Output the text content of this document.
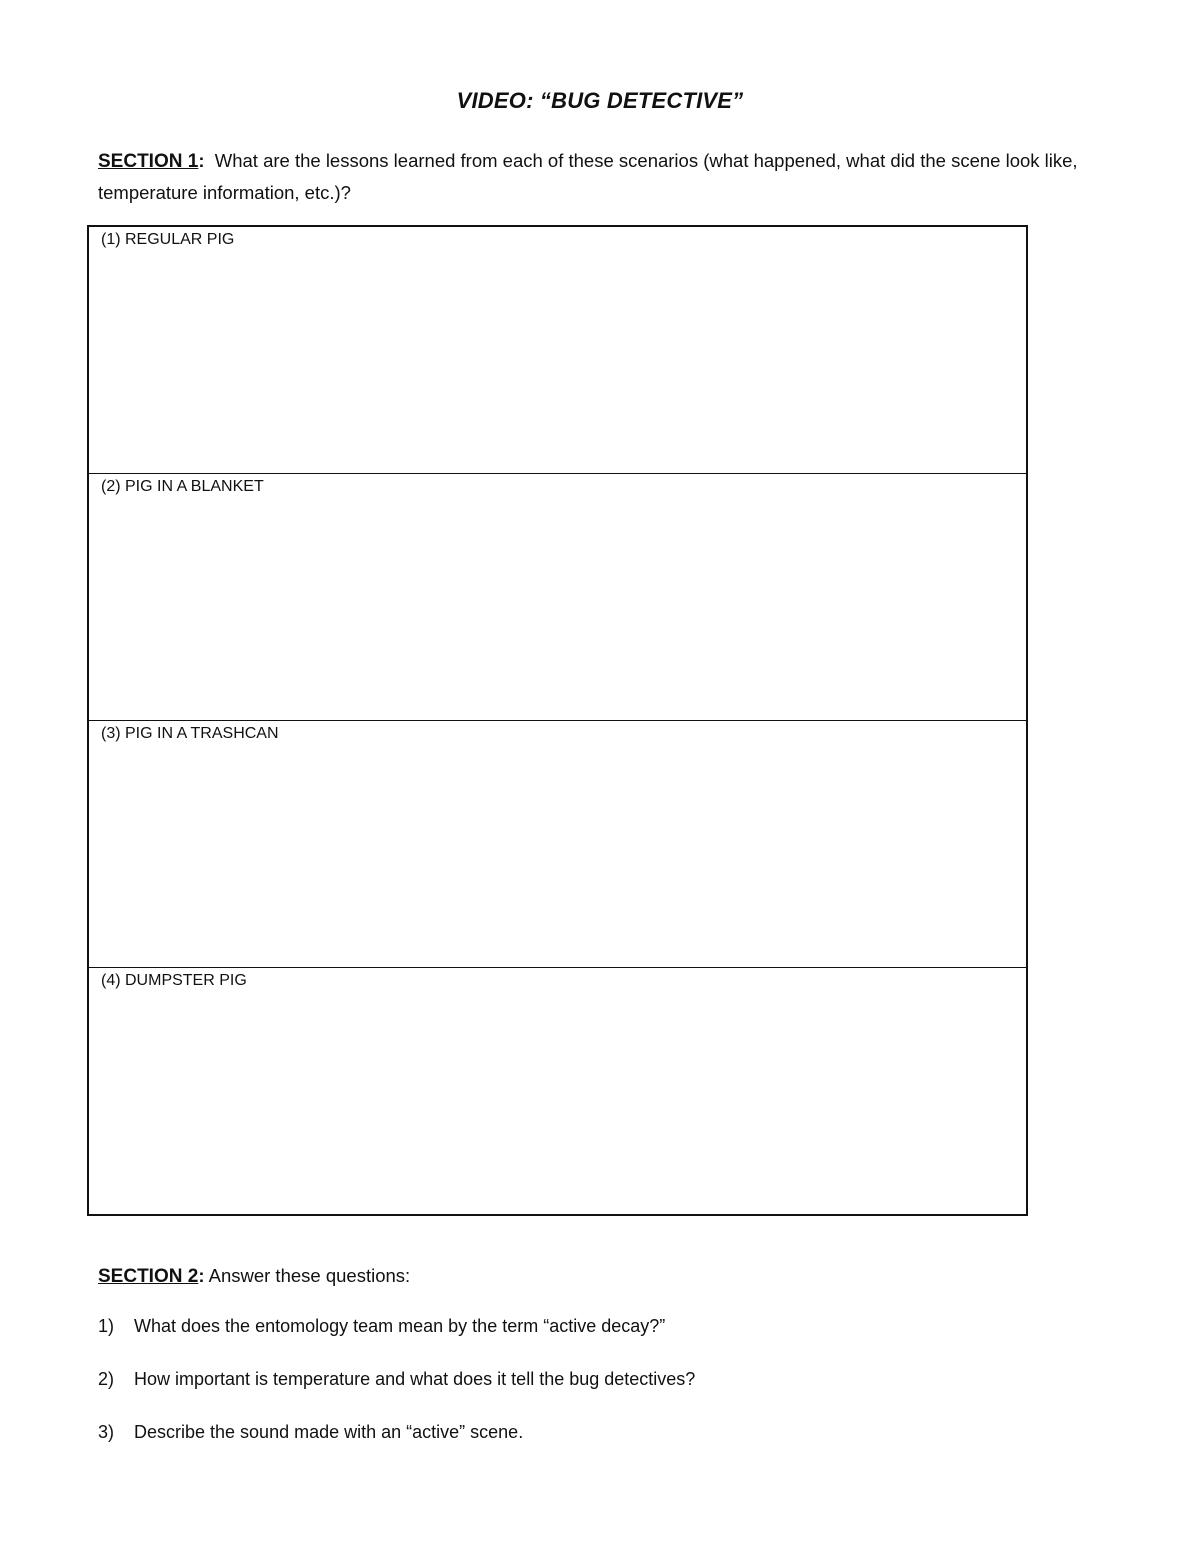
VIDEO: “BUG DETECTIVE”
SECTION 1:  What are the lessons learned from each of these scenarios (what happened, what did the scene look like, temperature information, etc.)?
(1) REGULAR PIG
(2) PIG IN A BLANKET
(3) PIG IN A TRASHCAN
(4) DUMPSTER PIG
SECTION 2: Answer these questions:
1)	What does the entomology team mean by the term “active decay?”
2)	How important is temperature and what does it tell the bug detectives?
3)	Describe the sound made with an “active” scene.
